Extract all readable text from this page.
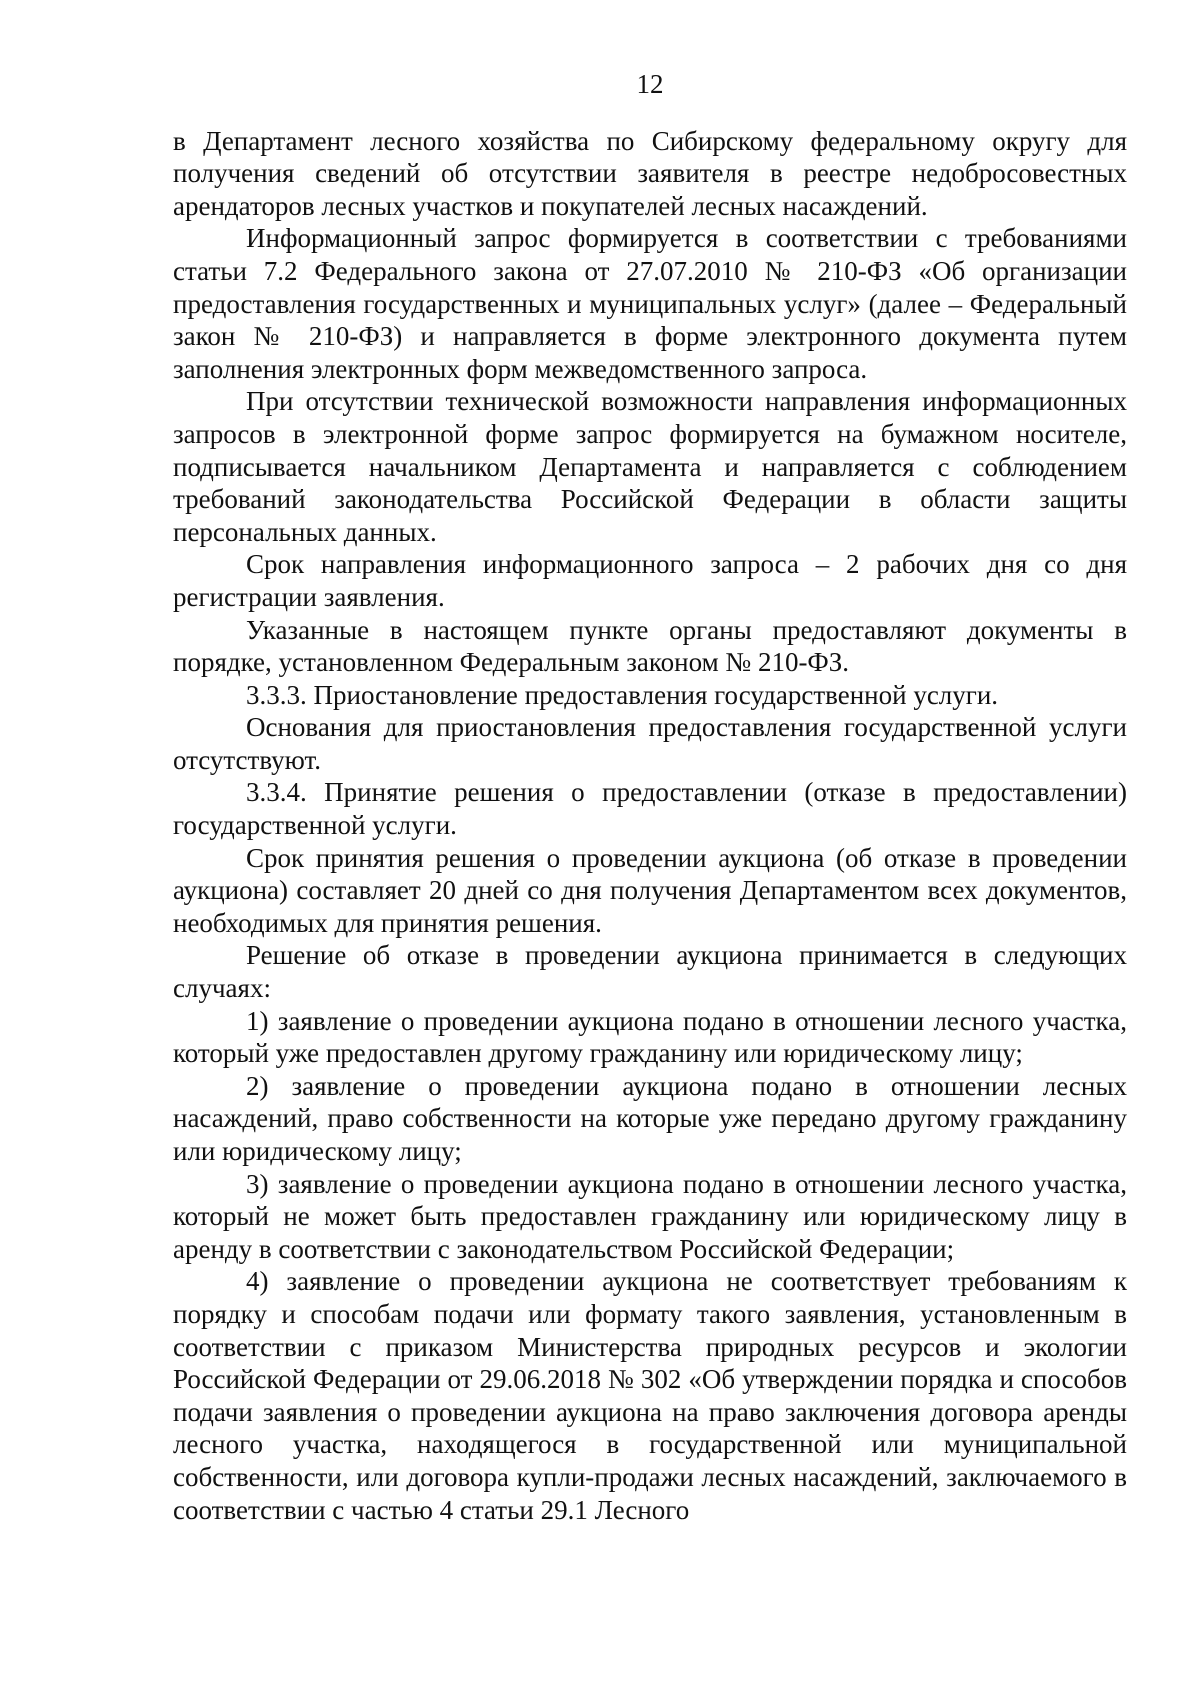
12

в Департамент лесного хозяйства по Сибирскому федеральному округу для получения сведений об отсутствии заявителя в реестре недобросовестных арендаторов лесных участков и покупателей лесных насаждений.

Информационный запрос формируется в соответствии с требованиями статьи 7.2 Федерального закона от 27.07.2010 № 210-ФЗ «Об организации предоставления государственных и муниципальных услуг» (далее – Федеральный закон № 210-ФЗ) и направляется в форме электронного документа путем заполнения электронных форм межведомственного запроса.

При отсутствии технической возможности направления информационных запросов в электронной форме запрос формируется на бумажном носителе, подписывается начальником Департамента и направляется с соблюдением требований законодательства Российской Федерации в области защиты персональных данных.

Срок направления информационного запроса – 2 рабочих дня со дня регистрации заявления.

Указанные в настоящем пункте органы предоставляют документы в порядке, установленном Федеральным законом № 210-ФЗ.

3.3.3. Приостановление предоставления государственной услуги.

Основания для приостановления предоставления государственной услуги отсутствуют.

3.3.4. Принятие решения о предоставлении (отказе в предоставлении) государственной услуги.

Срок принятия решения о проведении аукциона (об отказе в проведении аукциона) составляет 20 дней со дня получения Департаментом всех документов, необходимых для принятия решения.

Решение об отказе в проведении аукциона принимается в следующих случаях:

1) заявление о проведении аукциона подано в отношении лесного участка, который уже предоставлен другому гражданину или юридическому лицу;

2) заявление о проведении аукциона подано в отношении лесных насаждений, право собственности на которые уже передано другому гражданину или юридическому лицу;

3) заявление о проведении аукциона подано в отношении лесного участка, который не может быть предоставлен гражданину или юридическому лицу в аренду в соответствии с законодательством Российской Федерации;

4) заявление о проведении аукциона не соответствует требованиям к порядку и способам подачи или формату такого заявления, установленным в соответствии с приказом Министерства природных ресурсов и экологии Российской Федерации от 29.06.2018 № 302 «Об утверждении порядка и способов подачи заявления о проведении аукциона на право заключения договора аренды лесного участка, находящегося в государственной или муниципальной собственности, или договора купли-продажи лесных насаждений, заключаемого в соответствии с частью 4 статьи 29.1 Лесного
